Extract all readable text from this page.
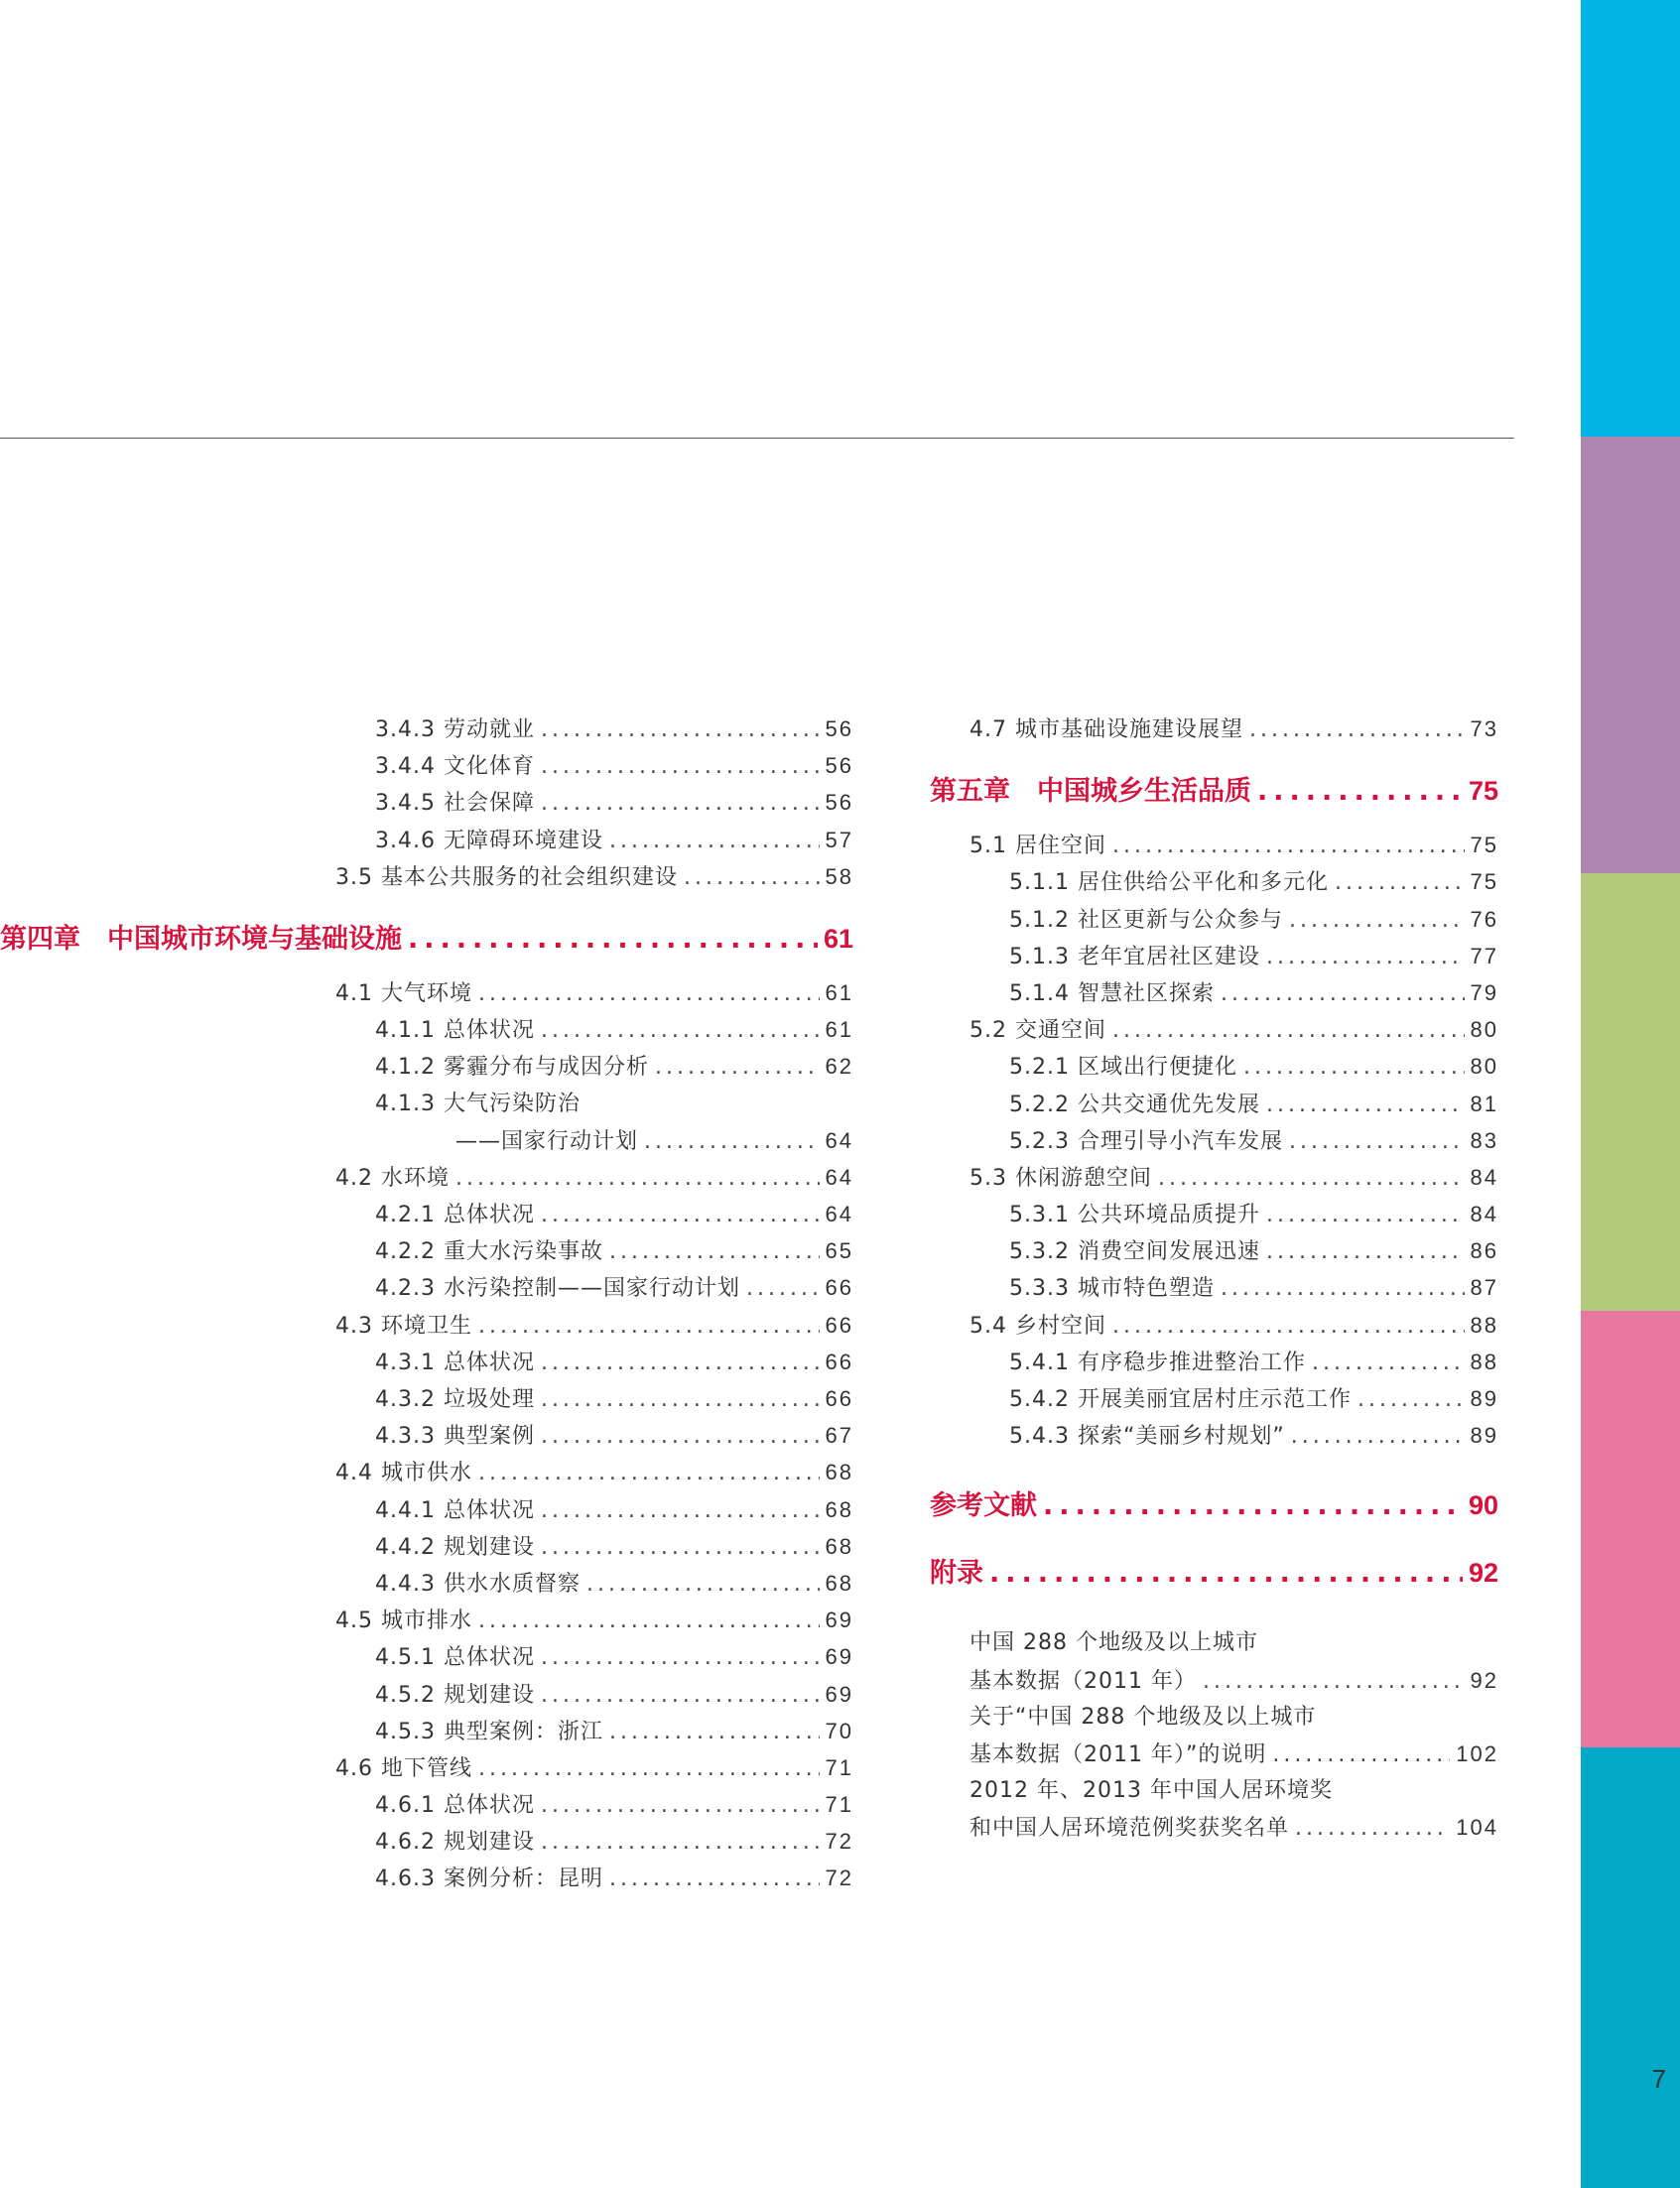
7
3.4.3 劳动就业 .....	56
3.4.4 文化体育 .....	56
3.4.5 社会保障 .....	56
3.4.6 无障碍环境建设 .....	57
3.5 基本公共服务的社会组织建设 .....	58
第四章　 中国城市环境与基础设施 .....	61
4.1 大气环境 .....	61
4.1.1 总体状况 .....	61
4.1.2 雾霾分布与成因分析 .....	62
4.1.3 大气污染防治
——国家行动计划 .....	64
4.2 水环境 .....	64
4.2.1 总体状况 .....	64
4.2.2 重大水污染事故 .....	65
4.2.3 水污染控制——国家行动计划 .....	66
4.3 环境卫生 .....	66
4.3.1 总体状况 .....	66
4.3.2 垃圾处理 .....	66
4.3.3 典型案例 .....	67
4.4 城市供水 .....	68
4.4.1 总体状况 .....	68
4.4.2 规划建设 .....	68
4.4.3 供水水质督察 .....	68
4.5 城市排水 .....	69
4.5.1 总体状况 .....	69
4.5.2 规划建设 .....	69
4.5.3 典型案例：浙江 .....	70
4.6 地下管线 .....	71
4.6.1 总体状况 .....	71
4.6.2 规划建设 .....	72
4.6.3 案例分析：昆明 .....	72
4.7 城市基础设施建设展望 .....	73
第五章　 中国城乡生活品质 .....	75
5.1 居住空间 .....	75
5.1.1 居住供给公平化和多元化 .....	75
5.1.2 社区更新与公众参与 .....	76
5.1.3 老年宜居社区建设 .....	77
5.1.4 智慧社区探索 .....	79
5.2 交通空间 .....	80
5.2.1 区域出行便捷化 .....	80
5.2.2 公共交通优先发展 .....	81
5.2.3 合理引导小汽车发展 .....	83
5.3 休闲游憩空间 .....	84
5.3.1 公共环境品质提升 .....	84
5.3.2 消费空间发展迅速 .....	86
5.3.3 城市特色塑造 .....	87
5.4 乡村空间 .....	88
5.4.1 有序稳步推进整治工作 .....	88
5.4.2 开展美丽宜居村庄示范工作 .....	89
5.4.3 探索“美丽乡村规划” .....	89
参考文献 .....	90
附录 .....	92
中国 288 个地级及以上城市
基本数据（2011 年） .....	92
关于“中国 288 个地级及以上城市
基本数据（2011 年）”的说明 .....	102
2012 年、2013 年中国人居环境奖
和中国人居环境范例奖获奖名单 .....	104
